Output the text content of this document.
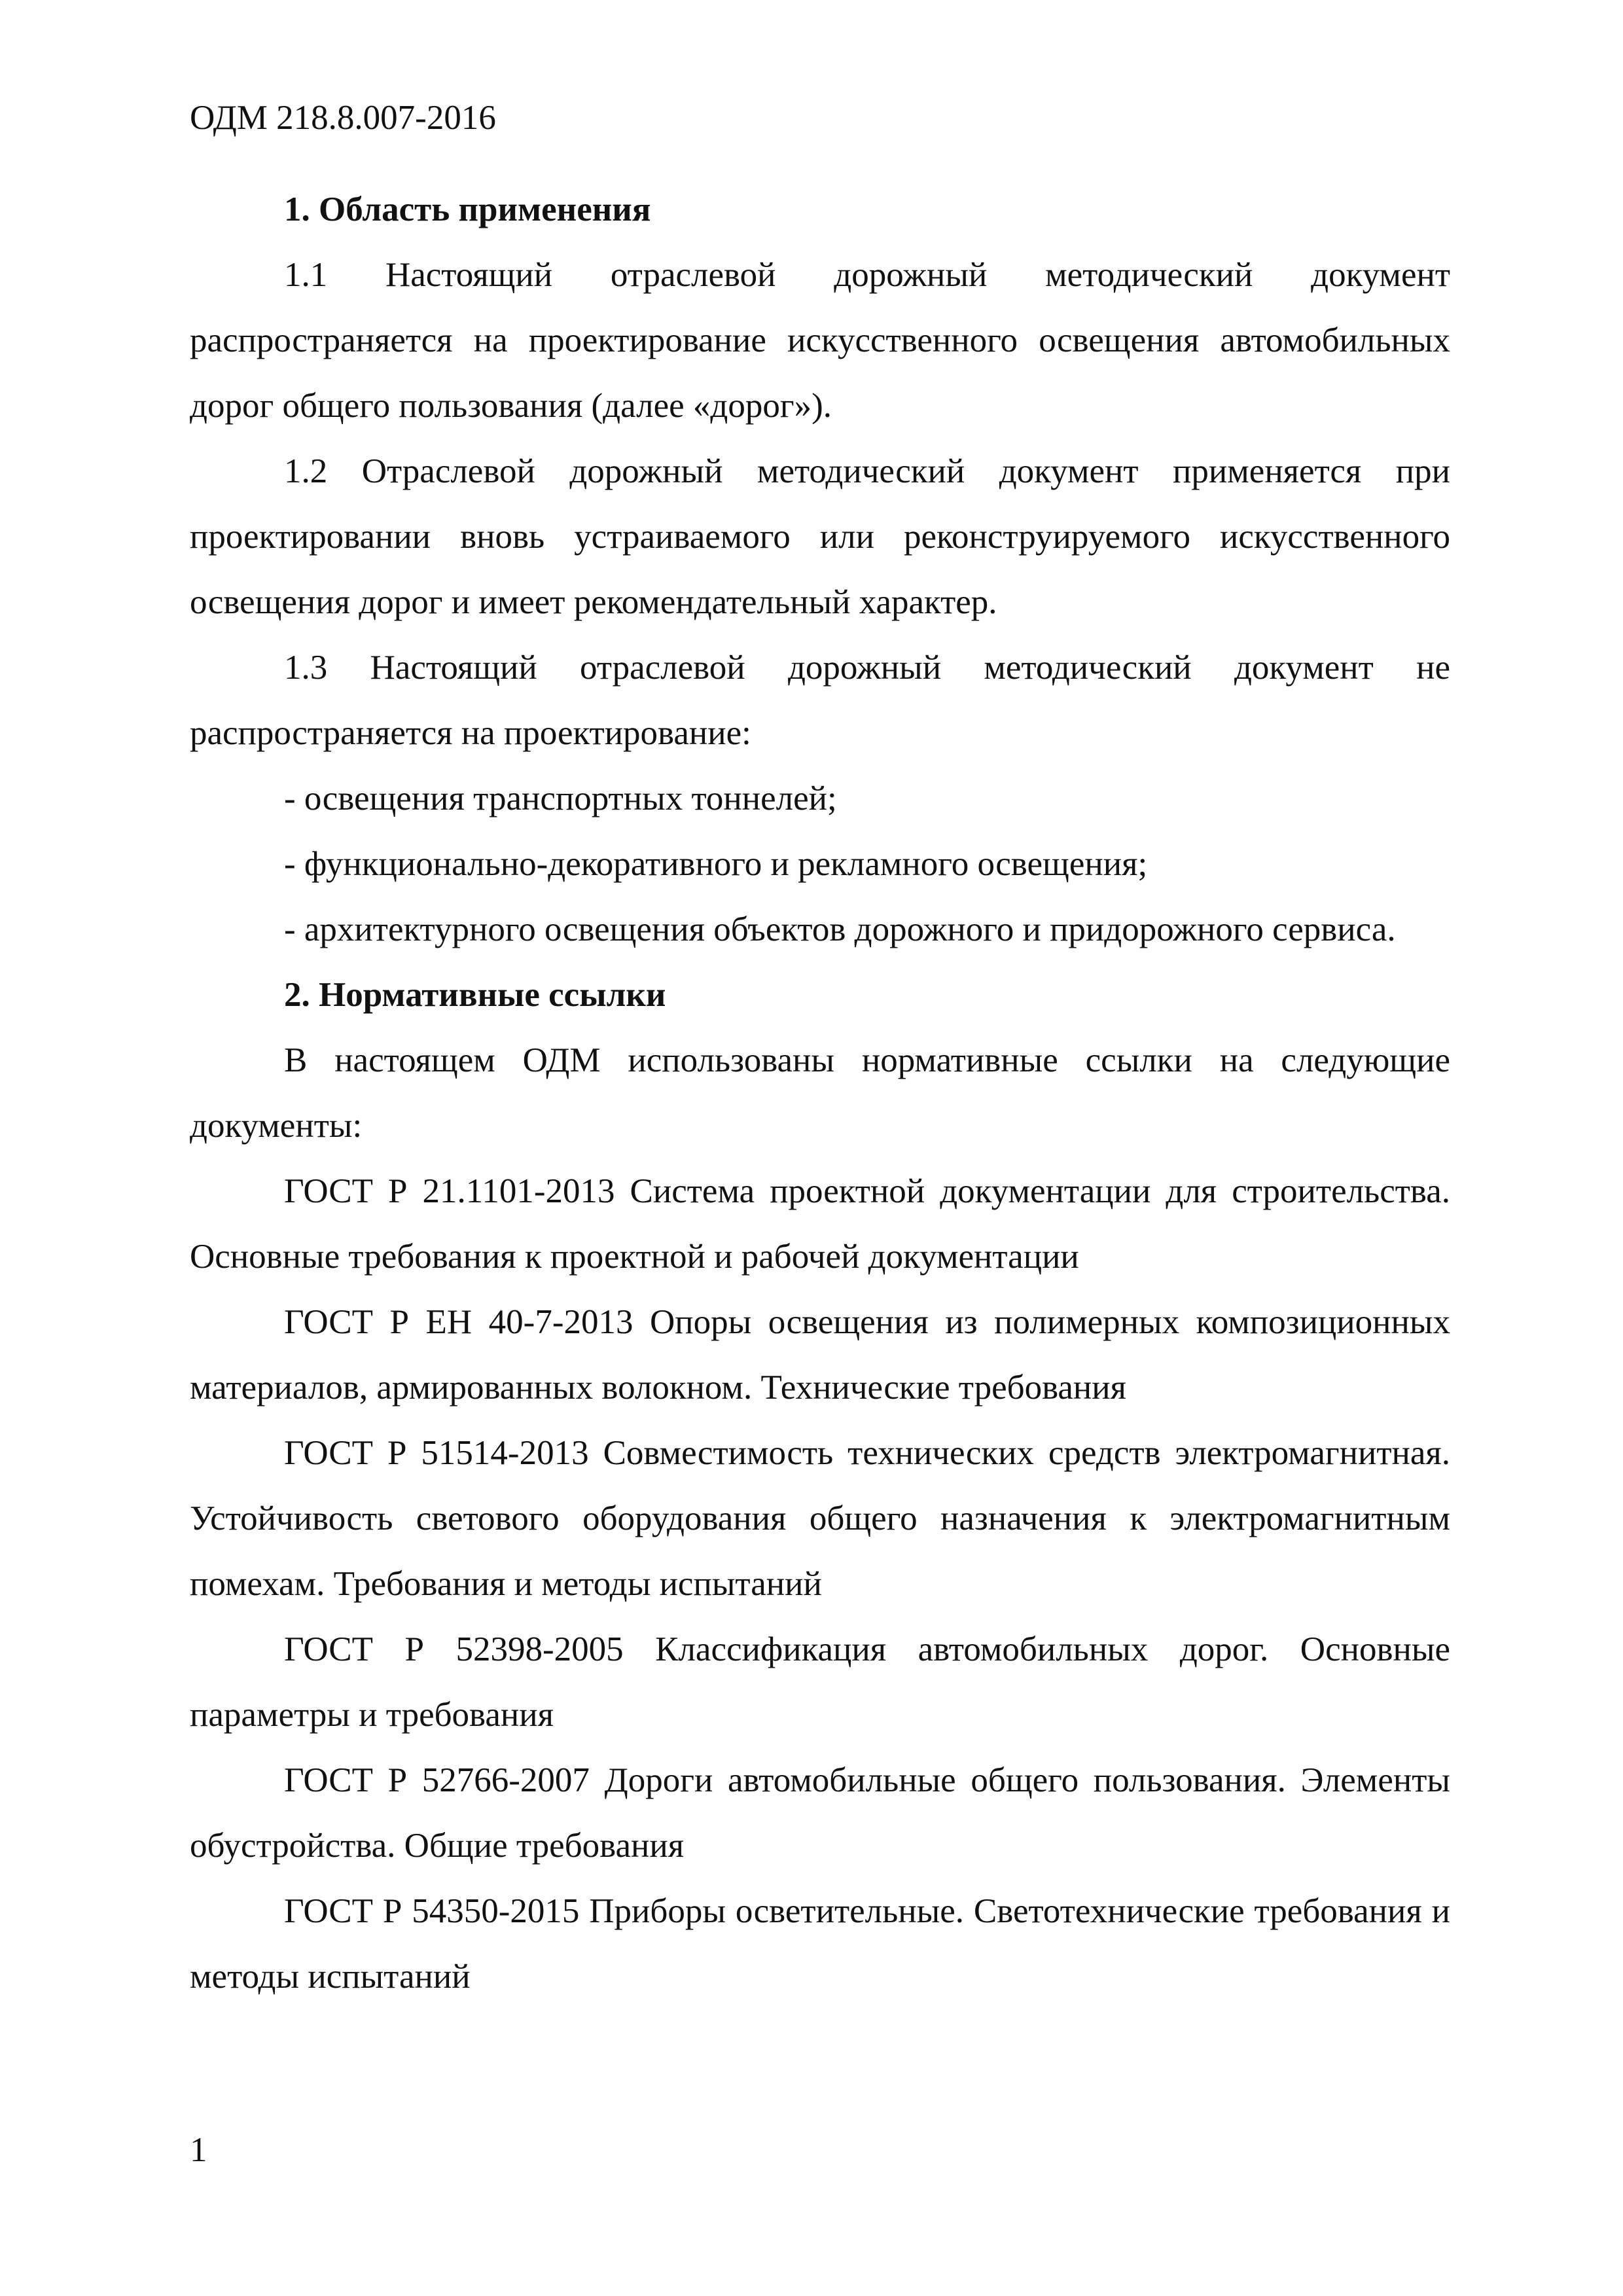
ОДМ 218.8.007-2016
1. Область применения

1.1 Настоящий отраслевой дорожный методический документ распространяется на проектирование искусственного освещения автомобильных дорог общего пользования (далее «дорог»).

1.2 Отраслевой дорожный методический документ применяется при проектировании вновь устраиваемого или реконструируемого искусственного освещения дорог и имеет рекомендательный характер.

1.3 Настоящий отраслевой дорожный методический документ не распространяется на проектирование:

- освещения транспортных тоннелей;

- функционально-декоративного и рекламного освещения;

- архитектурного освещения объектов дорожного и придорожного сервиса.

2. Нормативные ссылки

В настоящем ОДМ использованы нормативные ссылки на следующие документы:

ГОСТ Р 21.1101-2013 Система проектной документации для строительства. Основные требования к проектной и рабочей документации

ГОСТ Р ЕН 40-7-2013 Опоры освещения из полимерных композиционных материалов, армированных волокном. Технические требования

ГОСТ Р 51514-2013 Совместимость технических средств электромагнитная. Устойчивость светового оборудования общего назначения к электромагнитным помехам. Требования и методы испытаний

ГОСТ Р 52398-2005 Классификация автомобильных дорог. Основные параметры и требования

ГОСТ Р 52766-2007 Дороги автомобильные общего пользования. Элементы обустройства. Общие требования

ГОСТ Р 54350-2015 Приборы осветительные. Светотехнические требования и методы испытаний

1
